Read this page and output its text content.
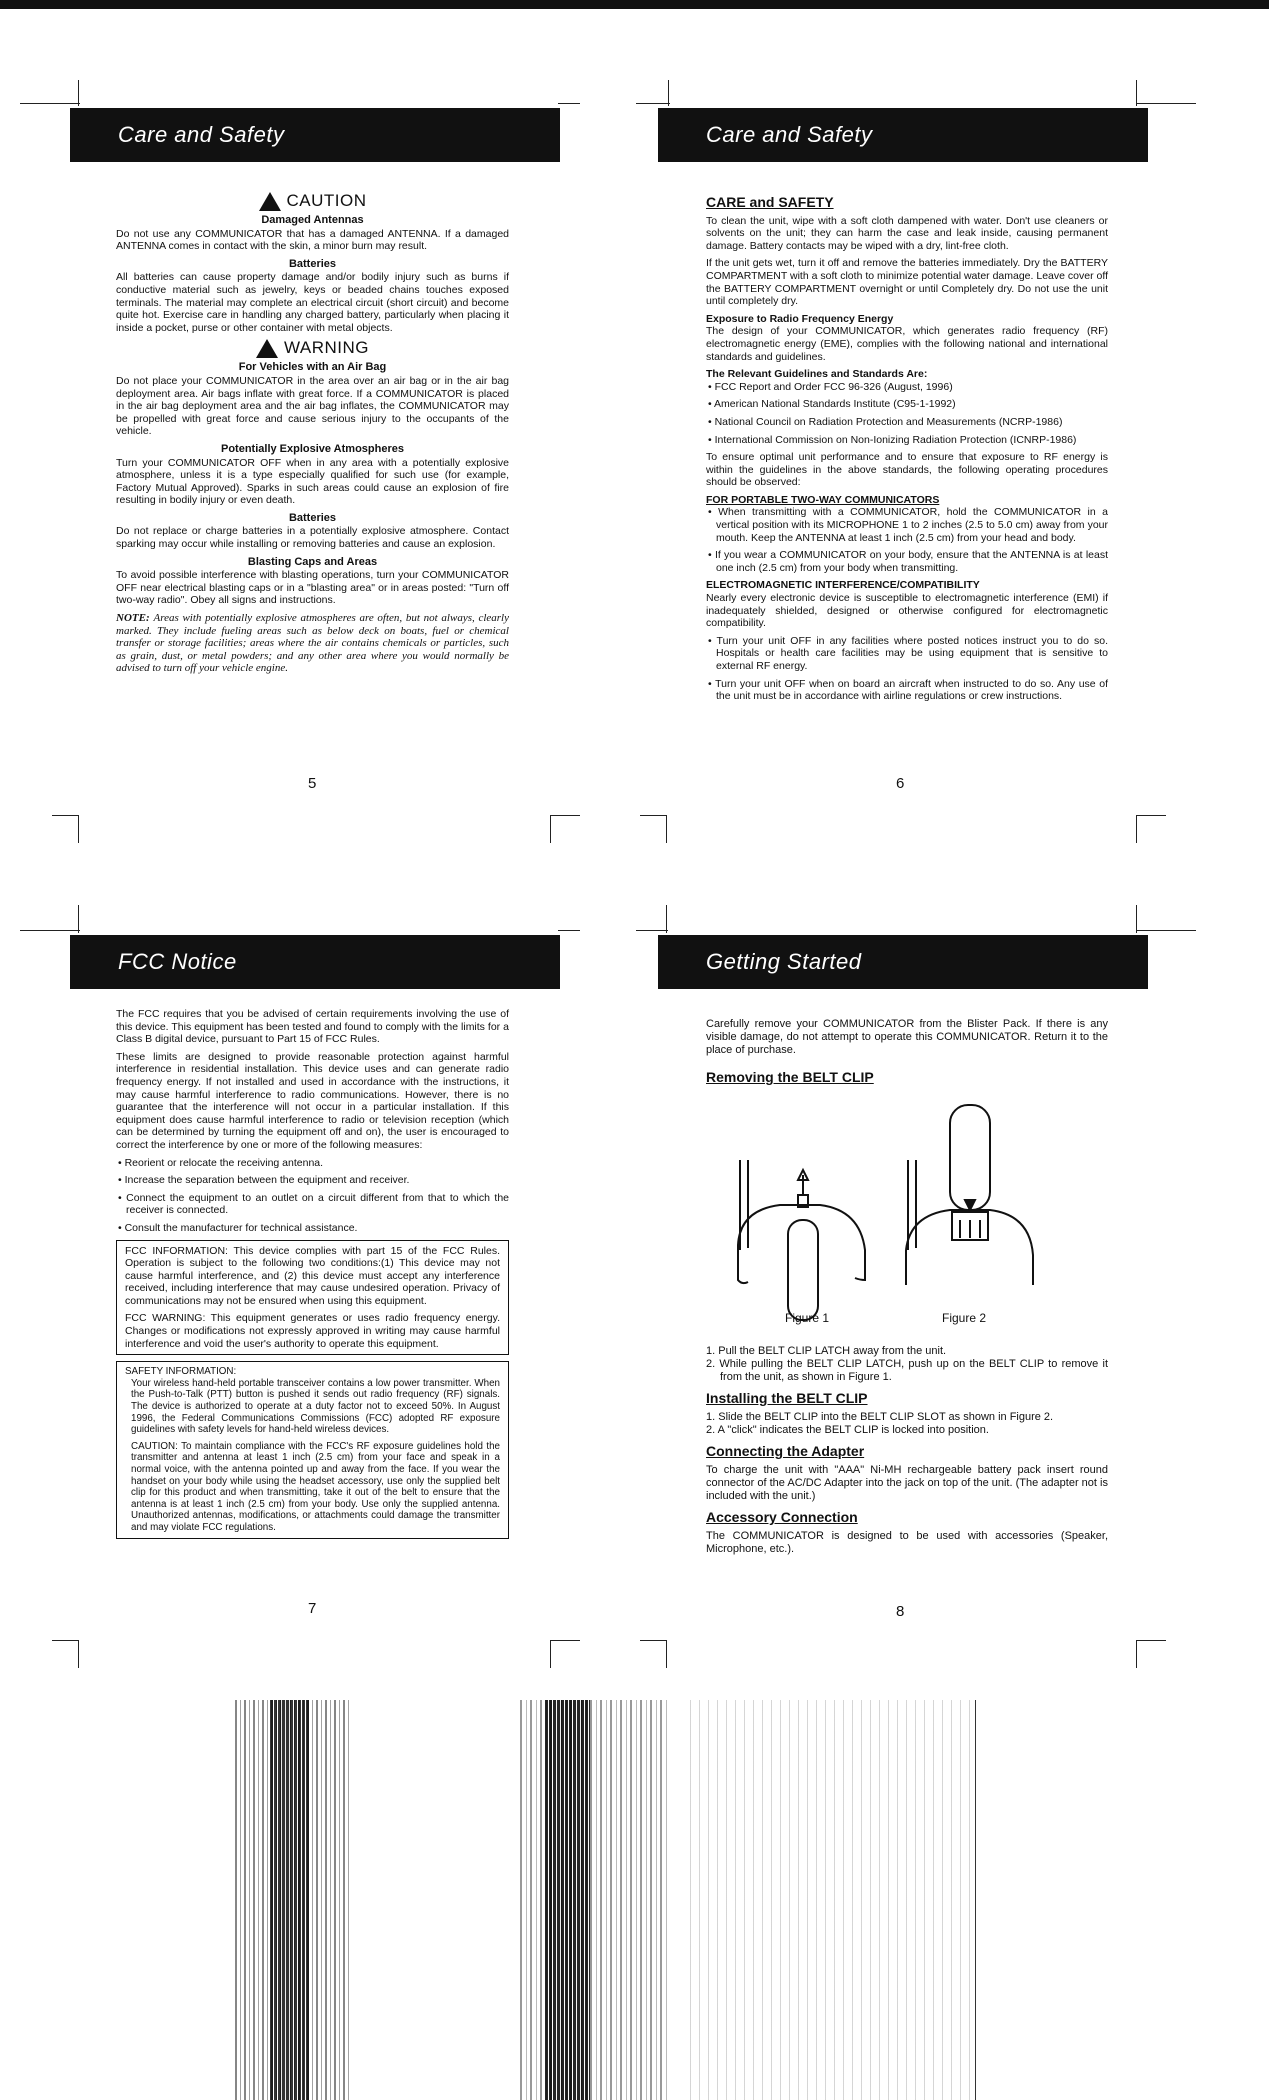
Care and Safety
CAUTION
Damaged Antennas

Do not use any COMMUNICATOR that has a damaged ANTENNA. If a damaged ANTENNA comes in contact with the skin, a minor burn may result.

Batteries

All batteries can cause property damage and/or bodily injury such as burns if conductive material such as jewelry, keys or beaded chains touches exposed terminals. The material may complete an electrical circuit (short circuit) and become quite hot. Exercise care in handling any charged battery, particularly when placing it inside a pocket, purse or other container with metal objects.

WARNING
For Vehicles with an Air Bag

Do not place your COMMUNICATOR in the area over an air bag or in the air bag deployment area. Air bags inflate with great force. If a COMMUNICATOR is placed in the air bag deployment area and the air bag inflates, the COMMUNICATOR may be propelled with great force and cause serious injury to the occupants of the vehicle.

Potentially Explosive Atmospheres

Turn your COMMUNICATOR OFF when in any area with a potentially explosive atmosphere, unless it is a type especially qualified for such use (for example, Factory Mutual Approved). Sparks in such areas could cause an explosion of fire resulting in bodily injury or even death.

Batteries

Do not replace or charge batteries in a potentially explosive atmosphere. Contact sparking may occur while installing or removing batteries and cause an explosion.

Blasting Caps and Areas

To avoid possible interference with blasting operations, turn your COMMUNICATOR OFF near electrical blasting caps or in a "blasting area" or in areas posted: "Turn off two-way radio". Obey all signs and instructions.

NOTE: Areas with potentially explosive atmospheres are often, but not always, clearly marked. They include fueling areas such as below deck on boats, fuel or chemical transfer or storage facilities; areas where the air contains chemicals or particles, such as grain, dust, or metal powders; and any other area where you would normally be advised to turn off your vehicle engine.

5
Care and Safety
CARE and SAFETY

To clean the unit, wipe with a soft cloth dampened with water. Don't use cleaners or solvents on the unit; they can harm the case and leak inside, causing permanent damage. Battery contacts may be wiped with a dry, lint-free cloth.

If the unit gets wet, turn it off and remove the batteries immediately. Dry the BATTERY COMPARTMENT with a soft cloth to minimize potential water damage. Leave cover off the BATTERY COMPARTMENT overnight or until Completely dry. Do not use the unit until completely dry.

Exposure to Radio Frequency Energy

The design of your COMMUNICATOR, which generates radio frequency (RF) electromagnetic energy (EME), complies with the following national and international standards and guidelines.

The Relevant Guidelines and Standards Are:

• FCC Report and Order FCC 96-326 (August, 1996)

• American National Standards Institute (C95-1-1992)

• National Council on Radiation Protection and Measurements (NCRP-1986)

• International Commission on Non-Ionizing Radiation Protection (ICNRP-1986)

To ensure optimal unit performance and to ensure that exposure to RF energy is within the guidelines in the above standards, the following operating procedures should be observed:

FOR PORTABLE TWO-WAY COMMUNICATORS

• When transmitting with a COMMUNICATOR, hold the COMMUNICATOR in a vertical position with its MICROPHONE 1 to 2 inches (2.5 to 5.0 cm) away from your mouth. Keep the ANTENNA at least 1 inch (2.5 cm) from your head and body.

• If you wear a COMMUNICATOR on your body, ensure that the ANTENNA is at least one inch (2.5 cm) from your body when transmitting.

ELECTROMAGNETIC INTERFERENCE/COMPATIBILITY

Nearly every electronic device is susceptible to electromagnetic interference (EMI) if inadequately shielded, designed or otherwise configured for electromagnetic compatibility.

• Turn your unit OFF in any facilities where posted notices instruct you to do so. Hospitals or health care facilities may be using equipment that is sensitive to external RF energy.

• Turn your unit OFF when on board an aircraft when instructed to do so. Any use of the unit must be in accordance with airline regulations or crew instructions.

6
FCC Notice

The FCC requires that you be advised of certain requirements involving the use of this device. This equipment has been tested and found to comply with the limits for a Class B digital device, pursuant to Part 15 of FCC Rules.

These limits are designed to provide reasonable protection against harmful interference in residential installation. This device uses and can generate radio frequency energy. If not installed and used in accordance with the instructions, it may cause harmful interference to radio communications. However, there is no guarantee that the interference will not occur in a particular installation. If this equipment does cause harmful interference to radio or television reception (which can be determined by turning the equipment off and on), the user is encouraged to correct the interference by one or more of the following measures:

• Reorient or relocate the receiving antenna.

• Increase the separation between the equipment and receiver.

• Connect the equipment to an outlet on a circuit different from that to which the receiver is connected.

• Consult the manufacturer for technical assistance.

FCC INFORMATION: This device complies with part 15 of the FCC Rules. Operation is subject to the following two conditions:(1) This device may not cause harmful interference, and (2) this device must accept any interference received, including interference that may cause undesired operation. Privacy of communications may not be ensured when using this equipment.

FCC WARNING: This equipment generates or uses radio frequency energy. Changes or modifications not expressly approved in writing may cause harmful interference and void the user's authority to operate this equipment.

SAFETY INFORMATION:

Your wireless hand-held portable transceiver contains a low power transmitter. When the Push-to-Talk (PTT) button is pushed it sends out radio frequency (RF) signals. The device is authorized to operate at a duty factor not to exceed 50%. In August 1996, the Federal Communications Commissions (FCC) adopted RF exposure guidelines with safety levels for hand-held wireless devices.

CAUTION: To maintain compliance with the FCC's RF exposure guidelines hold the transmitter and antenna at least 1 inch (2.5 cm) from your face and speak in a normal voice, with the antenna pointed up and away from the face. If you wear the handset on your body while using the headset accessory, use only the supplied belt clip for this product and when transmitting, take it out of the belt to ensure that the antenna is at least 1 inch (2.5 cm) from your body. Use only the supplied antenna. Unauthorized antennas, modifications, or attachments could damage the transmitter and may violate FCC regulations.

7
Getting Started

Carefully remove your COMMUNICATOR from the Blister Pack. If there is any visible damage, do not attempt to operate this COMMUNICATOR. Return it to the place of purchase.

Removing the BELT CLIP
Figure 1	Figure 2

1. Pull the BELT CLIP LATCH away from the unit.

2. While pulling the BELT CLIP LATCH, push up on the BELT CLIP to remove it from the unit, as shown in Figure 1.

Installing the BELT CLIP

1. Slide the BELT CLIP into the BELT CLIP SLOT as shown in Figure 2.

2. A "click" indicates the BELT CLIP is locked into position.

Connecting the Adapter

To charge the unit with "AAA" Ni-MH rechargeable battery pack insert round connector of the AC/DC Adapter into the jack on top of the unit. (The adapter not is included with the unit.)

Accessory Connection

The COMMUNICATOR is designed to be used with accessories (Speaker, Microphone, etc.).

8
